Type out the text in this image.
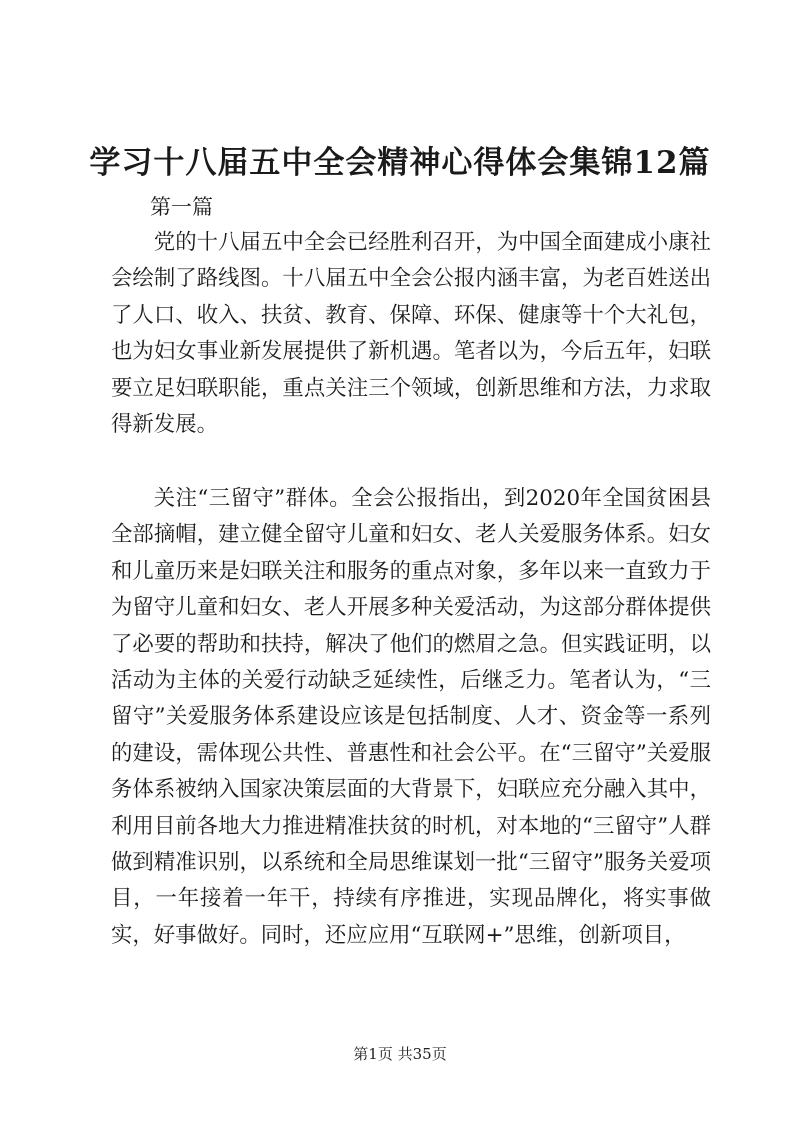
学习十八届五中全会精神心得体会集锦12篇

第一篇

党的十八届五中全会已经胜利召开，为中国全面建成小康社会绘制了路线图。十八届五中全会公报内涵丰富，为老百姓送出了人口、收入、扶贫、教育、保障、环保、健康等十个大礼包，也为妇女事业新发展提供了新机遇。笔者以为，今后五年，妇联要立足妇联职能，重点关注三个领域，创新思维和方法，力求取得新发展。

关注“三留守”群体。全会公报指出，到2020年全国贫困县全部摘帽，建立健全留守儿童和妇女、老人关爱服务体系。妇女和儿童历来是妇联关注和服务的重点对象，多年以来一直致力于为留守儿童和妇女、老人开展多种关爱活动，为这部分群体提供了必要的帮助和扶持，解决了他们的燃眉之急。但实践证明，以活动为主体的关爱行动缺乏延续性，后继乏力。笔者认为，“三留守”关爱服务体系建设应该是包括制度、人才、资金等一系列的建设，需体现公共性、普惠性和社会公平。在“三留守”关爱服务体系被纳入国家决策层面的大背景下，妇联应充分融入其中，利用目前各地大力推进精准扶贫的时机，对本地的“三留守”人群做到精准识别，以系统和全局思维谋划一批“三留守”服务关爱项目，一年接着一年干，持续有序推进，实现品牌化，将实事做实，好事做好。同时，还应应用“互联网+”思维，创新项目，

第1页 共35页
